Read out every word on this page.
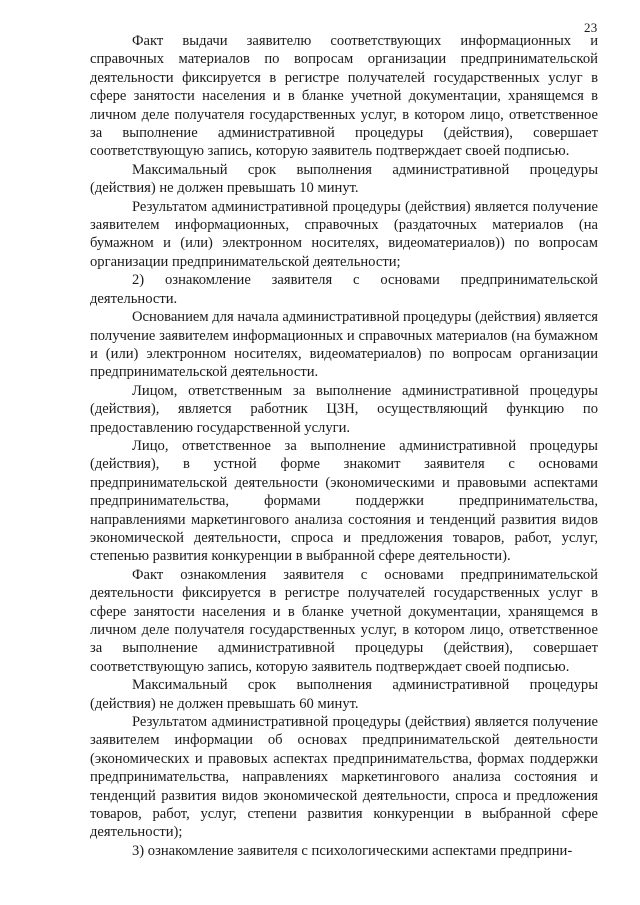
23

Факт выдачи заявителю соответствующих информационных и справочных материалов по вопросам организации предпринимательской деятельности фиксируется в регистре получателей государственных услуг в сфере занятости населения и в бланке учетной документации, хранящемся в личном деле получателя государственных услуг, в котором лицо, ответственное за выполнение административной процедуры (действия), совершает соответствующую запись, которую заявитель подтверждает своей подписью.

Максимальный срок выполнения административной процедуры (действия) не должен превышать 10 минут.

Результатом административной процедуры (действия) является получение заявителем информационных, справочных (раздаточных материалов (на бумажном и (или) электронном носителях, видеоматериалов)) по вопросам организации предпринимательской деятельности;

2) ознакомление заявителя с основами предпринимательской деятельности.

Основанием для начала административной процедуры (действия) является получение заявителем информационных и справочных материалов (на бумажном и (или) электронном носителях, видеоматериалов) по вопросам организации предпринимательской деятельности.

Лицом, ответственным за выполнение административной процедуры (действия), является работник ЦЗН, осуществляющий функцию по предоставлению государственной услуги.

Лицо, ответственное за выполнение административной процедуры (действия), в устной форме знакомит заявителя с основами предпринимательской деятельности (экономическими и правовыми аспектами предпринимательства, формами поддержки предпринимательства, направлениями маркетингового анализа состояния и тенденций развития видов экономической деятельности, спроса и предложения товаров, работ, услуг, степенью развития конкуренции в выбранной сфере деятельности).

Факт ознакомления заявителя с основами предпринимательской деятельности фиксируется в регистре получателей государственных услуг в сфере занятости населения и в бланке учетной документации, хранящемся в личном деле получателя государственных услуг, в котором лицо, ответственное за выполнение административной процедуры (действия), совершает соответствующую запись, которую заявитель подтверждает своей подписью.

Максимальный срок выполнения административной процедуры (действия) не должен превышать 60 минут.

Результатом административной процедуры (действия) является получение заявителем информации об основах предпринимательской деятельности (экономических и правовых аспектах предпринимательства, формах поддержки предпринимательства, направлениях маркетингового анализа состояния и тенденций развития видов экономической деятельности, спроса и предложения товаров, работ, услуг, степени развития конкуренции в выбранной сфере деятельности);

3) ознакомление заявителя с психологическими аспектами предприни-
